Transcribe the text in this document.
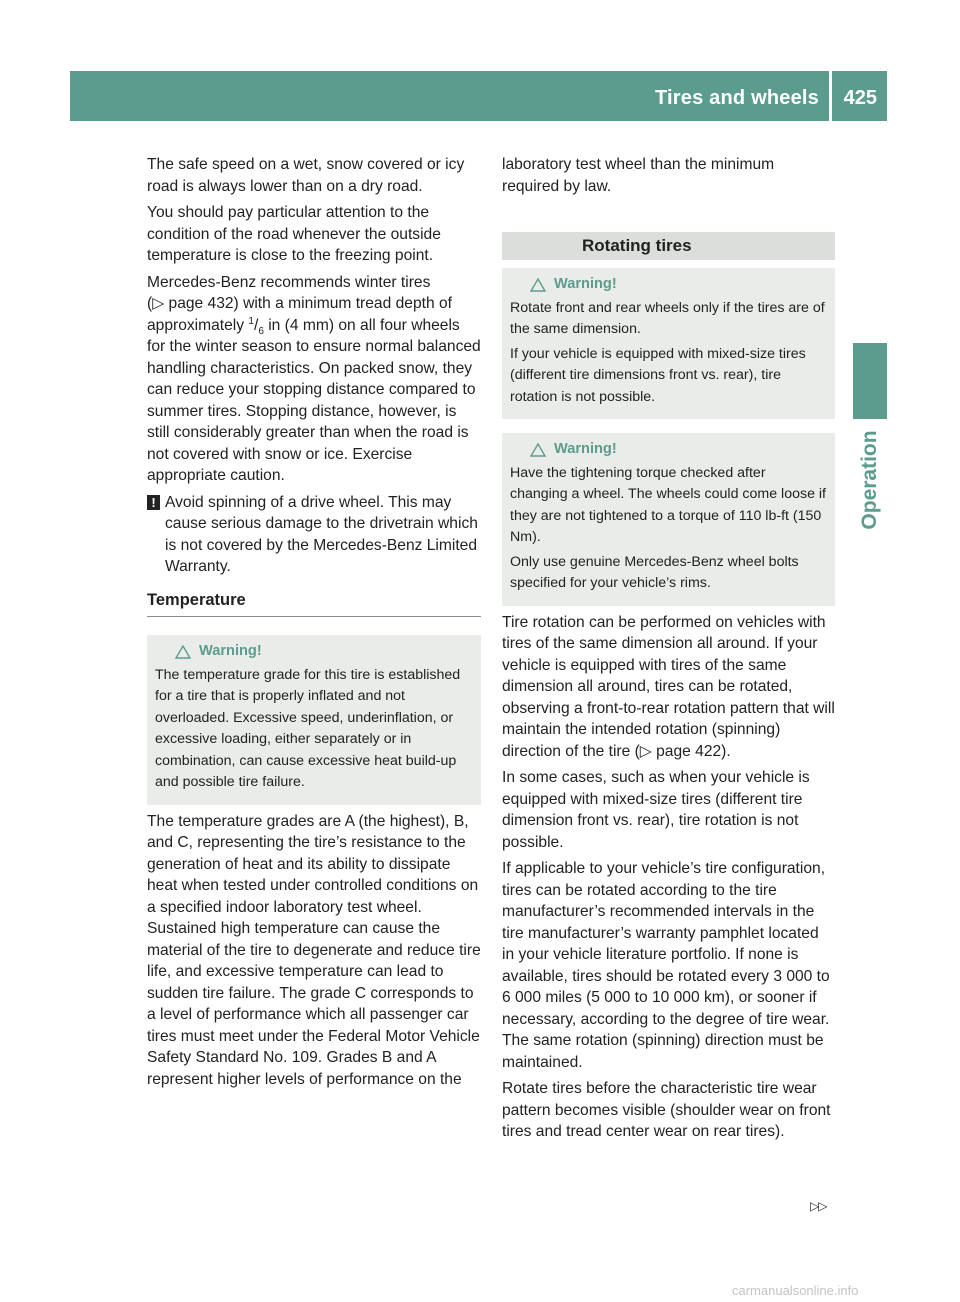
Tires and wheels 425
Operation

The safe speed on a wet, snow covered or icy road is always lower than on a dry road.

You should pay particular attention to the condition of the road whenever the outside temperature is close to the freezing point.

Mercedes-Benz recommends winter tires
(▷ page 432) with a minimum tread depth of approximately $^1/_6$ in (4 mm) on all four wheels for the winter season to ensure normal balanced handling characteristics. On packed snow, they can reduce your stopping distance compared to summer tires. Stopping distance, however, is still considerably greater than when the road is not covered with snow or ice. Exercise appropriate caution.

! Avoid spinning of a drive wheel. This may cause serious damage to the drivetrain which is not covered by the Mercedes-Benz Limited Warranty.
Temperature
Warning!

The temperature grade for this tire is established for a tire that is properly inflated and not overloaded. Excessive speed, underinflation, or excessive loading, either separately or in combination, can cause excessive heat build-up and possible tire failure.

The temperature grades are A (the highest), B, and C, representing the tire’s resistance to the generation of heat and its ability to dissipate heat when tested under controlled conditions on a specified indoor laboratory test wheel. Sustained high temperature can cause the material of the tire to degenerate and reduce tire life, and excessive temperature can lead to sudden tire failure. The grade C corresponds to a level of performance which all passenger car tires must meet under the Federal Motor Vehicle Safety Standard No. 109. Grades B and A represent higher levels of performance on the

laboratory test wheel than the minimum required by law.

Rotating tires
Warning!

Rotate front and rear wheels only if the tires are of the same dimension.

If your vehicle is equipped with mixed-size tires (different tire dimensions front vs. rear), tire rotation is not possible.

Warning!

Have the tightening torque checked after changing a wheel. The wheels could come loose if they are not tightened to a torque of 110 lb-ft (150 Nm).

Only use genuine Mercedes-Benz wheel bolts specified for your vehicle’s rims.

Tire rotation can be performed on vehicles with tires of the same dimension all around. If your vehicle is equipped with tires of the same dimension all around, tires can be rotated, observing a front-to-rear rotation pattern that will maintain the intended rotation (spinning) direction of the tire (▷ page 422).

In some cases, such as when your vehicle is equipped with mixed-size tires (different tire dimension front vs. rear), tire rotation is not possible.

If applicable to your vehicle’s tire configuration, tires can be rotated according to the tire manufacturer’s recommended intervals in the tire manufacturer’s warranty pamphlet located in your vehicle literature portfolio. If none is available, tires should be rotated every 3 000 to 6 000 miles (5 000 to 10 000 km), or sooner if necessary, according to the degree of tire wear. The same rotation (spinning) direction must be maintained.

Rotate tires before the characteristic tire wear pattern becomes visible (shoulder wear on front tires and tread center wear on rear tires).

▷▷
carmanualsonline.info
